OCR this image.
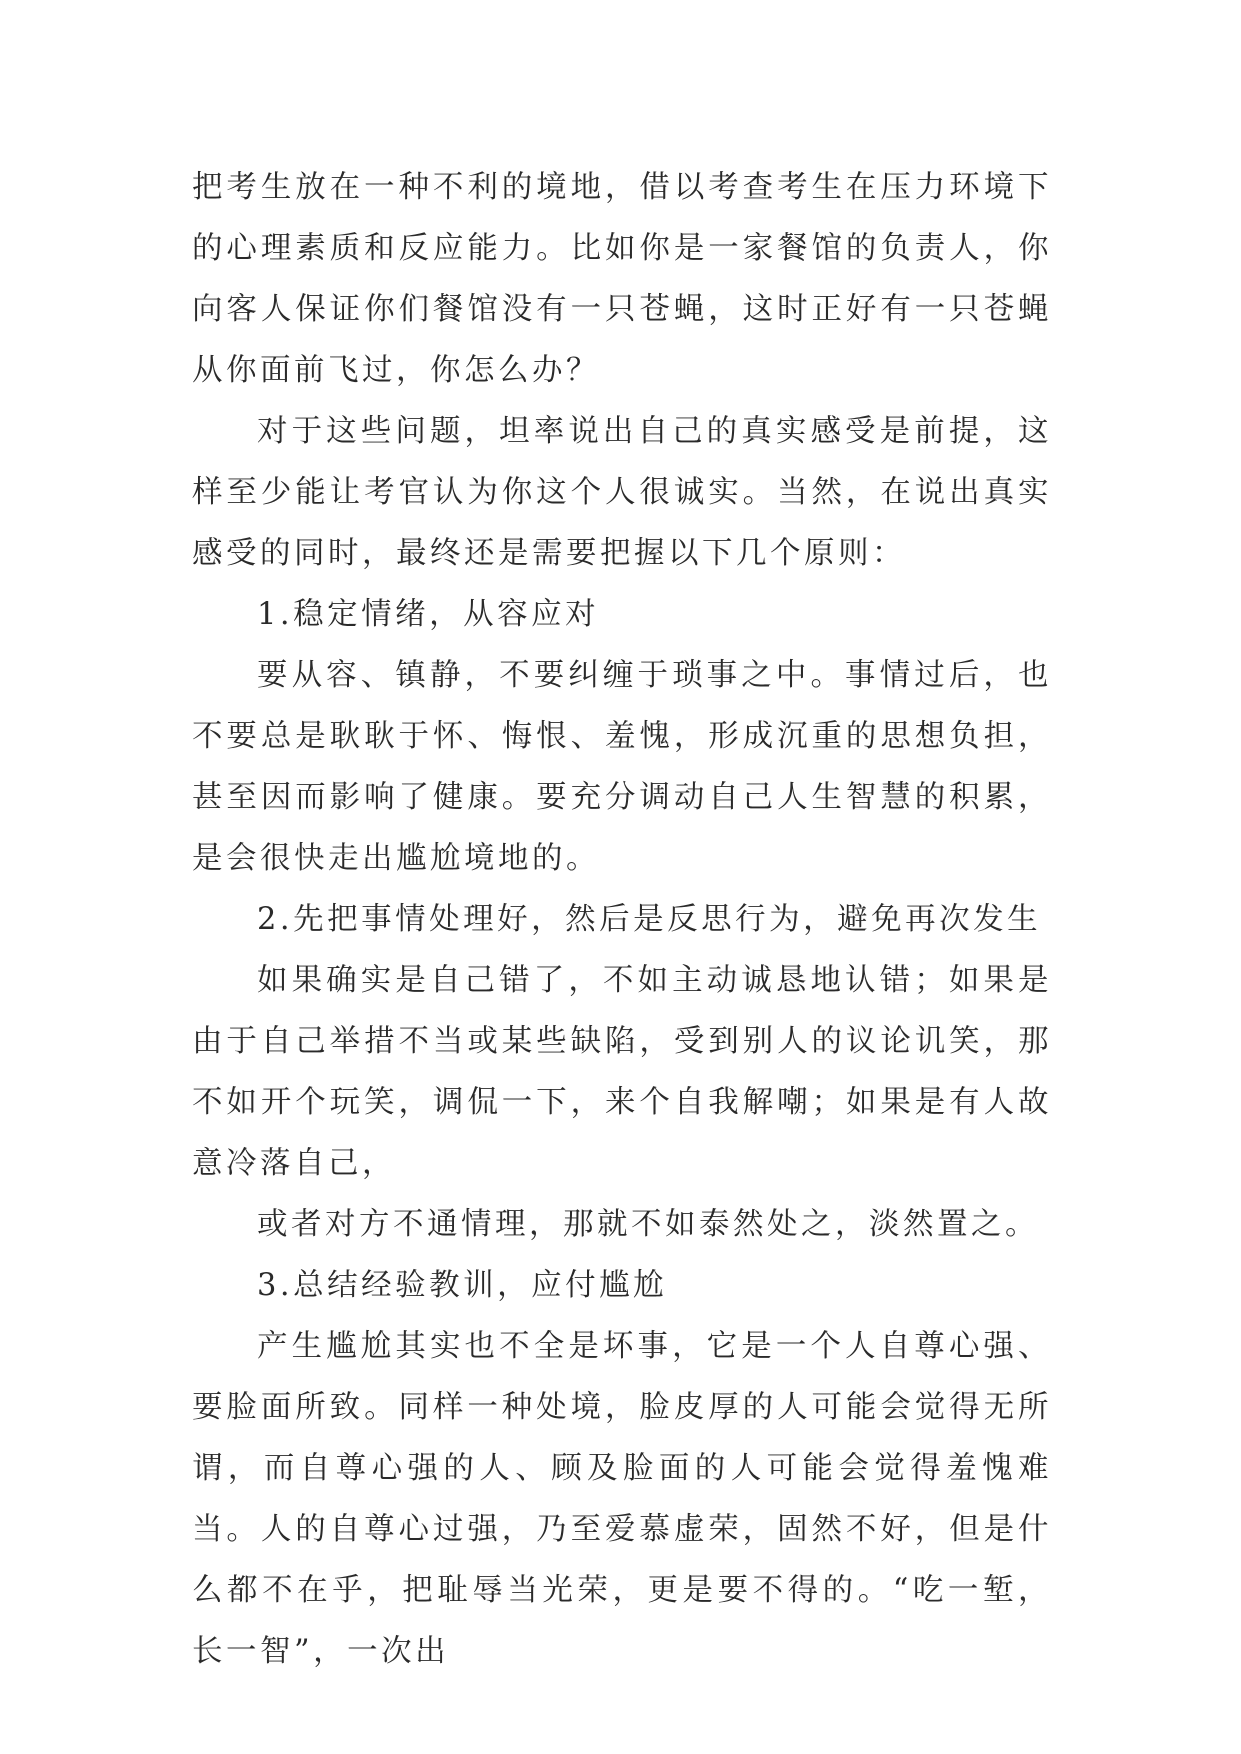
把考生放在一种不利的境地，借以考查考生在压力环境下的心理素质和反应能力。比如你是一家餐馆的负责人，你向客人保证你们餐馆没有一只苍蝇，这时正好有一只苍蝇从你面前飞过，你怎么办？

对于这些问题，坦率说出自己的真实感受是前提，这样至少能让考官认为你这个人很诚实。当然，在说出真实感受的同时，最终还是需要把握以下几个原则：

1.稳定情绪，从容应对

要从容、镇静，不要纠缠于琐事之中。事情过后，也不要总是耿耿于怀、悔恨、羞愧，形成沉重的思想负担，甚至因而影响了健康。要充分调动自己人生智慧的积累，是会很快走出尴尬境地的。

2.先把事情处理好，然后是反思行为，避免再次发生

如果确实是自己错了，不如主动诚恳地认错；如果是由于自己举措不当或某些缺陷，受到别人的议论讥笑，那不如开个玩笑，调侃一下，来个自我解嘲；如果是有人故意冷落自己，

或者对方不通情理，那就不如泰然处之，淡然置之。

3.总结经验教训，应付尴尬

产生尴尬其实也不全是坏事，它是一个人自尊心强、要脸面所致。同样一种处境，脸皮厚的人可能会觉得无所谓，而自尊心强的人、顾及脸面的人可能会觉得羞愧难当。人的自尊心过强，乃至爱慕虚荣，固然不好，但是什么都不在乎，把耻辱当光荣，更是要不得的。“吃一堑，长一智”，一次出
